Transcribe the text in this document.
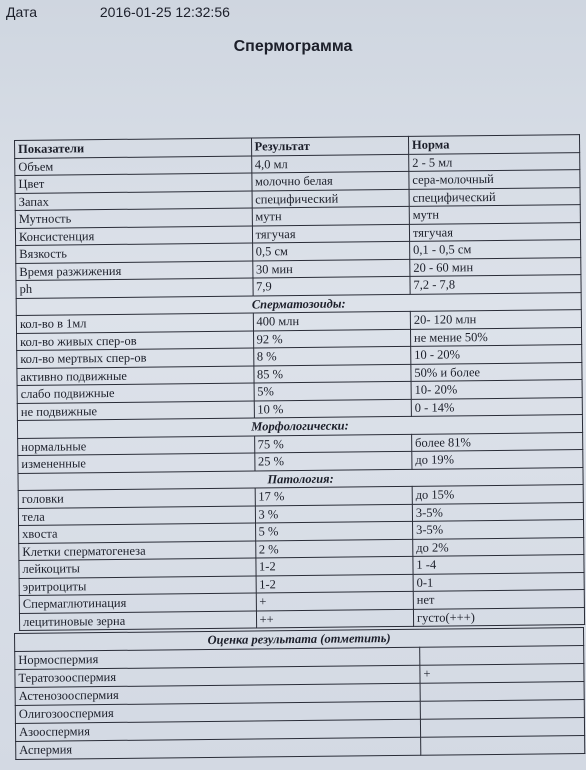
Дата	2016-01-25 12:32:56
Спермограмма
Показатели	Результат	Норма
Объем	4,0 мл	2 - 5 мл
Цвет	молочно белая	сера-молочный
Запах	специфический	специфический
Мутность	мутн	мутн
Консистенция	тягучая	тягучая
Вязкость	0,5 см	0,1 - 0,5 см
Время разжижения	30 мин	20 - 60 мин
ph	7,9	7,2 - 7,8
Сперматозоиды:		
кол-во в 1мл	400 млн	20- 120 млн
кол-во живых спер-ов	92 %	не мение 50%
кол-во мертвых спер-ов	8 %	10 - 20%
активно подвижные	85 %	50% и более
слабо подвижные	5%	10- 20%
не подвижные	10 %	0 - 14%
Морфологически:		
нормальные	75 %	более 81%
измененные	25 %	до 19%
Патология:		
головки	17 %	до 15%
тела	3 %	3-5%
хвоста	5 %	3-5%
Клетки сперматогенеза	2 %	до 2%
лейкоциты	1-2	1 -4
эритроциты	1-2	0-1
Спермаглютинация	+	нет
лецитиновые зерна	++	густо(+++)
Оценка результата (отметить)	
Нормоспермия	
Тератозооспермия	+
Астенозооспермия	
Олигозооспермия	
Азооспермия	
Аспермия	
